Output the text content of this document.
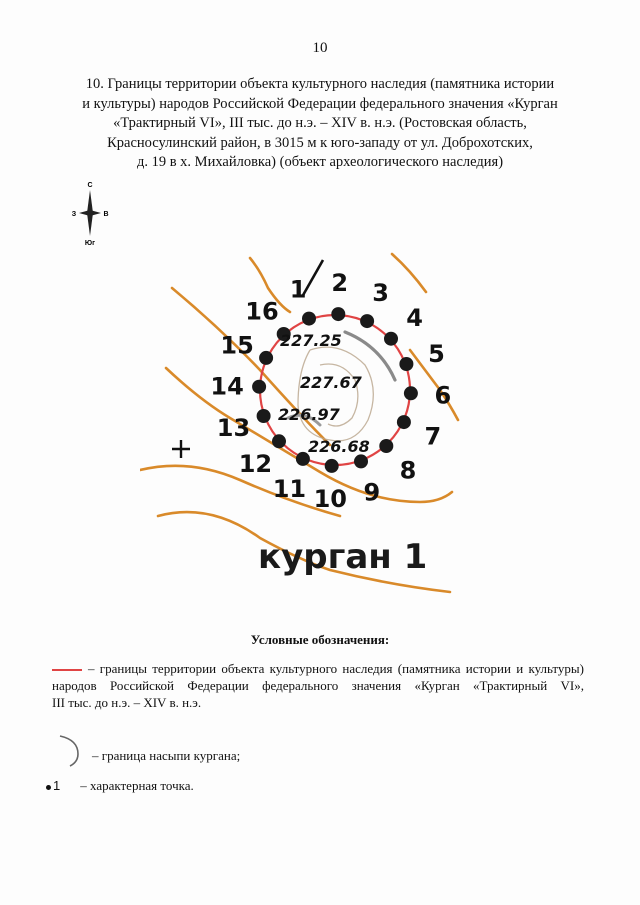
10
10. Границы территории объекта культурного наследия (памятника истории
и культуры) народов Российской Федерации федерального значения «Курган
«Трактирный VI», III тыс. до н.э. – XIV в. н.э. (Ростовская область,
Красносулинский район, в 3015 м к юго-западу от ул. Доброхотских,
д. 19 в х. Михайловка) (объект археологического наследия)
С
З	В
Юг
1 2 3
4
5
6
7
8
9
10
11
12
13
14
15
16
227.25
227.67
226.97
226.68
курган 1
Условные обозначения:
– границы территории объекта культурного наследия (памятника истории и культуры)
народов Российской Федерации федерального значения «Курган «Трактирный VI»,
III тыс. до н.э. – XIV в. н.э.
– граница насыпи кургана;
1 – характерная точка.
